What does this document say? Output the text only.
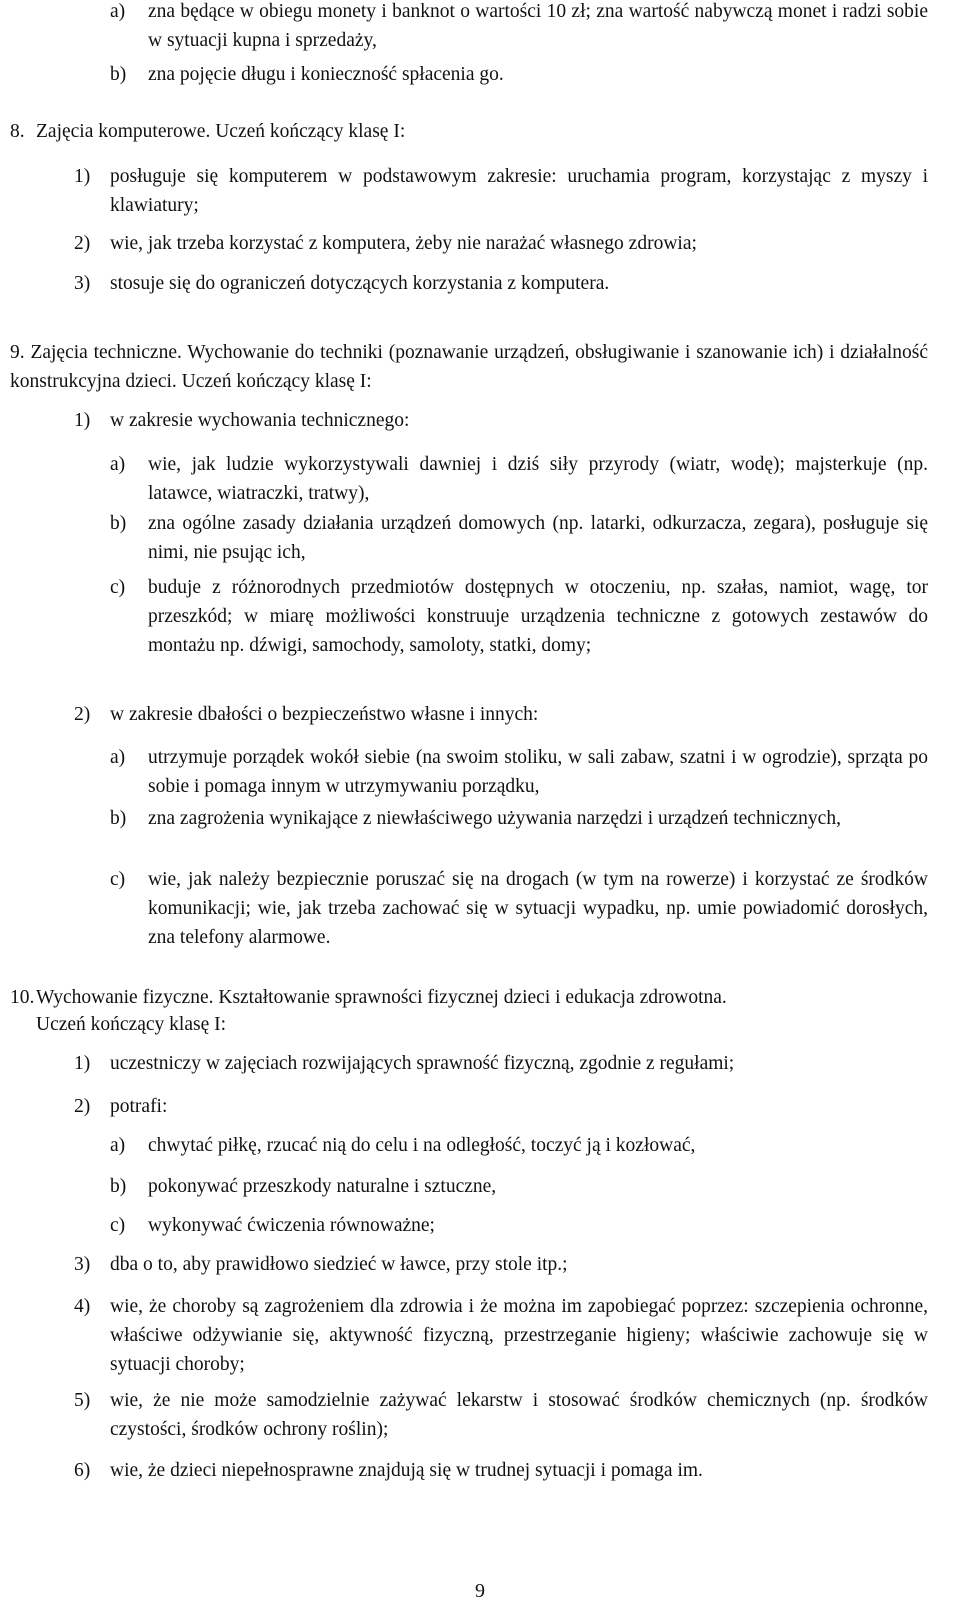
a)	zna będące w obiegu monety i banknot o wartości 10 zł; zna wartość nabywczą monet i radzi sobie w sytuacji kupna i sprzedaży,
b)	zna pojęcie długu i konieczność spłacenia go.
8. Zajęcia komputerowe. Uczeń kończący klasę I:
1)	posługuje się komputerem w podstawowym zakresie: uruchamia program, korzystając z myszy i klawiatury;
2)	wie, jak trzeba korzystać z komputera, żeby nie narażać własnego zdrowia;
3)	stosuje się do ograniczeń dotyczących korzystania z komputera.
9. Zajęcia techniczne. Wychowanie do techniki (poznawanie urządzeń, obsługiwanie i szanowanie ich) i działalność konstrukcyjna dzieci. Uczeń kończący klasę I:
1)	w zakresie wychowania technicznego:
a)	wie, jak ludzie wykorzystywali dawniej i dziś siły przyrody (wiatr, wodę); majsterkuje (np. latawce, wiatraczki, tratwy),
b)	zna ogólne zasady działania urządzeń domowych (np. latarki, odkurzacza, zegara), posługuje się nimi, nie psując ich,
c)	buduje z różnorodnych przedmiotów dostępnych w otoczeniu, np. szałas, namiot, wagę, tor przeszkód; w miarę możliwości konstruuje urządzenia techniczne z gotowych zestawów do montażu np. dźwigi, samochody, samoloty, statki, domy;
2)	w zakresie dbałości o bezpieczeństwo własne i innych:
a)	utrzymuje porządek wokół siebie (na swoim stoliku, w sali zabaw, szatni i w ogrodzie), sprząta po sobie i pomaga innym w utrzymywaniu porządku,
b)	zna zagrożenia wynikające z niewłaściwego używania narzędzi i urządzeń technicznych,
c)	wie, jak należy bezpiecznie poruszać się na drogach (w tym na rowerze) i korzystać ze środków komunikacji; wie, jak trzeba zachować się w sytuacji wypadku, np. umie powiadomić dorosłych, zna telefony alarmowe.
10. Wychowanie fizyczne. Kształtowanie sprawności fizycznej dzieci i edukacja zdrowotna.
Uczeń kończący klasę I:
1)	uczestniczy w zajęciach rozwijających sprawność fizyczną, zgodnie z regułami;
2)	potrafi:
a)	chwytać piłkę, rzucać nią do celu i na odległość, toczyć ją i kozłować,
b)	pokonywać przeszkody naturalne i sztuczne,
c)	wykonywać ćwiczenia równoważne;
3)	dba o to, aby prawidłowo siedzieć w ławce, przy stole itp.;
4)	wie, że choroby są zagrożeniem dla zdrowia i że można im zapobiegać poprzez: szczepienia ochronne, właściwe odżywianie się, aktywność fizyczną, przestrzeganie higieny; właściwie zachowuje się w sytuacji choroby;
5)	wie, że nie może samodzielnie zażywać lekarstw i stosować środków chemicznych (np. środków czystości, środków ochrony roślin);
6)	wie, że dzieci niepełnosprawne znajdują się w trudnej sytuacji i pomaga im.
9
